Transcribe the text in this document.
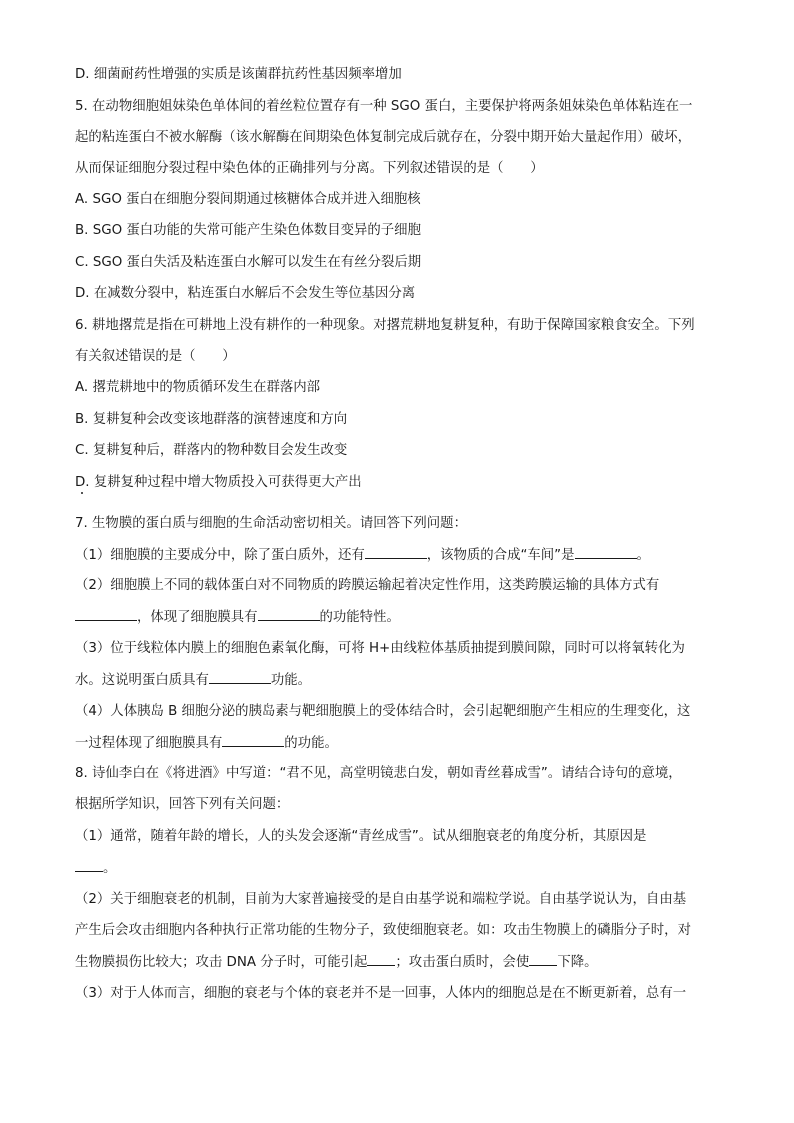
D. 细菌耐药性增强的实质是该菌群抗药性基因频率增加
5. 在动物细胞姐妹染色单体间的着丝粒位置存有一种 SGO 蛋白，主要保护将两条姐妹染色单体粘连在一
起的粘连蛋白不被水解酶（该水解酶在间期染色体复制完成后就存在，分裂中期开始大量起作用）破坏，
从而保证细胞分裂过程中染色体的正确排列与分离。下列叙述错误的是（　　）
A. SGO 蛋白在细胞分裂间期通过核糖体合成并进入细胞核
B. SGO 蛋白功能的失常可能产生染色体数目变异的子细胞
C. SGO 蛋白失活及粘连蛋白水解可以发生在有丝分裂后期
D. 在减数分裂中，粘连蛋白水解后不会发生等位基因分离
6. 耕地撂荒是指在可耕地上没有耕作的一种现象。对撂荒耕地复耕复种，有助于保障国家粮食安全。下列
有关叙述错误的是（　　）
A. 撂荒耕地中的物质循环发生在群落内部
B. 复耕复种会改变该地群落的演替速度和方向
C. 复耕复种后，群落内的物种数目会发生改变
D. 复耕复种过程中增大物质投入可获得更大产出
7. 生物膜的蛋白质与细胞的生命活动密切相关。请回答下列问题：
（1）细胞膜的主要成分中，除了蛋白质外，还有	，该物质的合成“车间”是	。
（2）细胞膜上不同的载体蛋白对不同物质的跨膜运输起着决定性作用，这类跨膜运输的具体方式有
，体现了细胞膜具有	的功能特性。
（3）位于线粒体内膜上的细胞色素氧化酶，可将 H+由线粒体基质抽提到膜间隙，同时可以将氧转化为
水。这说明蛋白质具有	功能。
（4）人体胰岛 B 细胞分泌的胰岛素与靶细胞膜上的受体结合时，会引起靶细胞产生相应的生理变化，这
一过程体现了细胞膜具有	的功能。
8. 诗仙李白在《将进酒》中写道：“君不见，高堂明镜悲白发，朝如青丝暮成雪”。请结合诗句的意境，
根据所学知识，回答下列有关问题：
（1）通常，随着年龄的增长，人的头发会逐渐“青丝成雪”。试从细胞衰老的角度分析，其原因是
。
（2）关于细胞衰老的机制，目前为大家普遍接受的是自由基学说和端粒学说。自由基学说认为，自由基
产生后会攻击细胞内各种执行正常功能的生物分子，致使细胞衰老。如：攻击生物膜上的磷脂分子时，对
生物膜损伤比较大；攻击 DNA 分子时，可能引起 ；攻击蛋白质时，会使 下降。
（3）对于人体而言，细胞的衰老与个体的衰老并不是一回事，人体内的细胞总是在不断更新着，总有一
